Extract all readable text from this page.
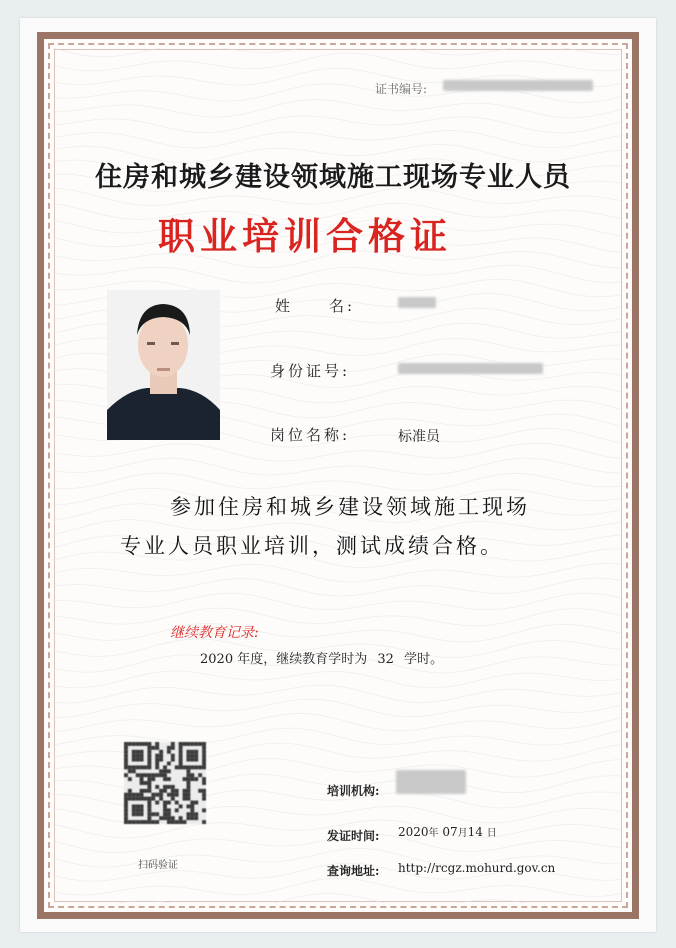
证书编号:
住房和城乡建设领域施工现场专业人员
职业培训合格证
姓　　名:
身份证号:
岗位名称:	标准员
参加住房和城乡建设领域施工现场
专业人员职业培训，测试成绩合格。
继续教育记录:
2020 年度，继续教育学时为 32 学时。
扫码验证
培训机构:
发证时间: 2020年 07月14 日
查询地址: http://rcgz.mohurd.gov.cn
